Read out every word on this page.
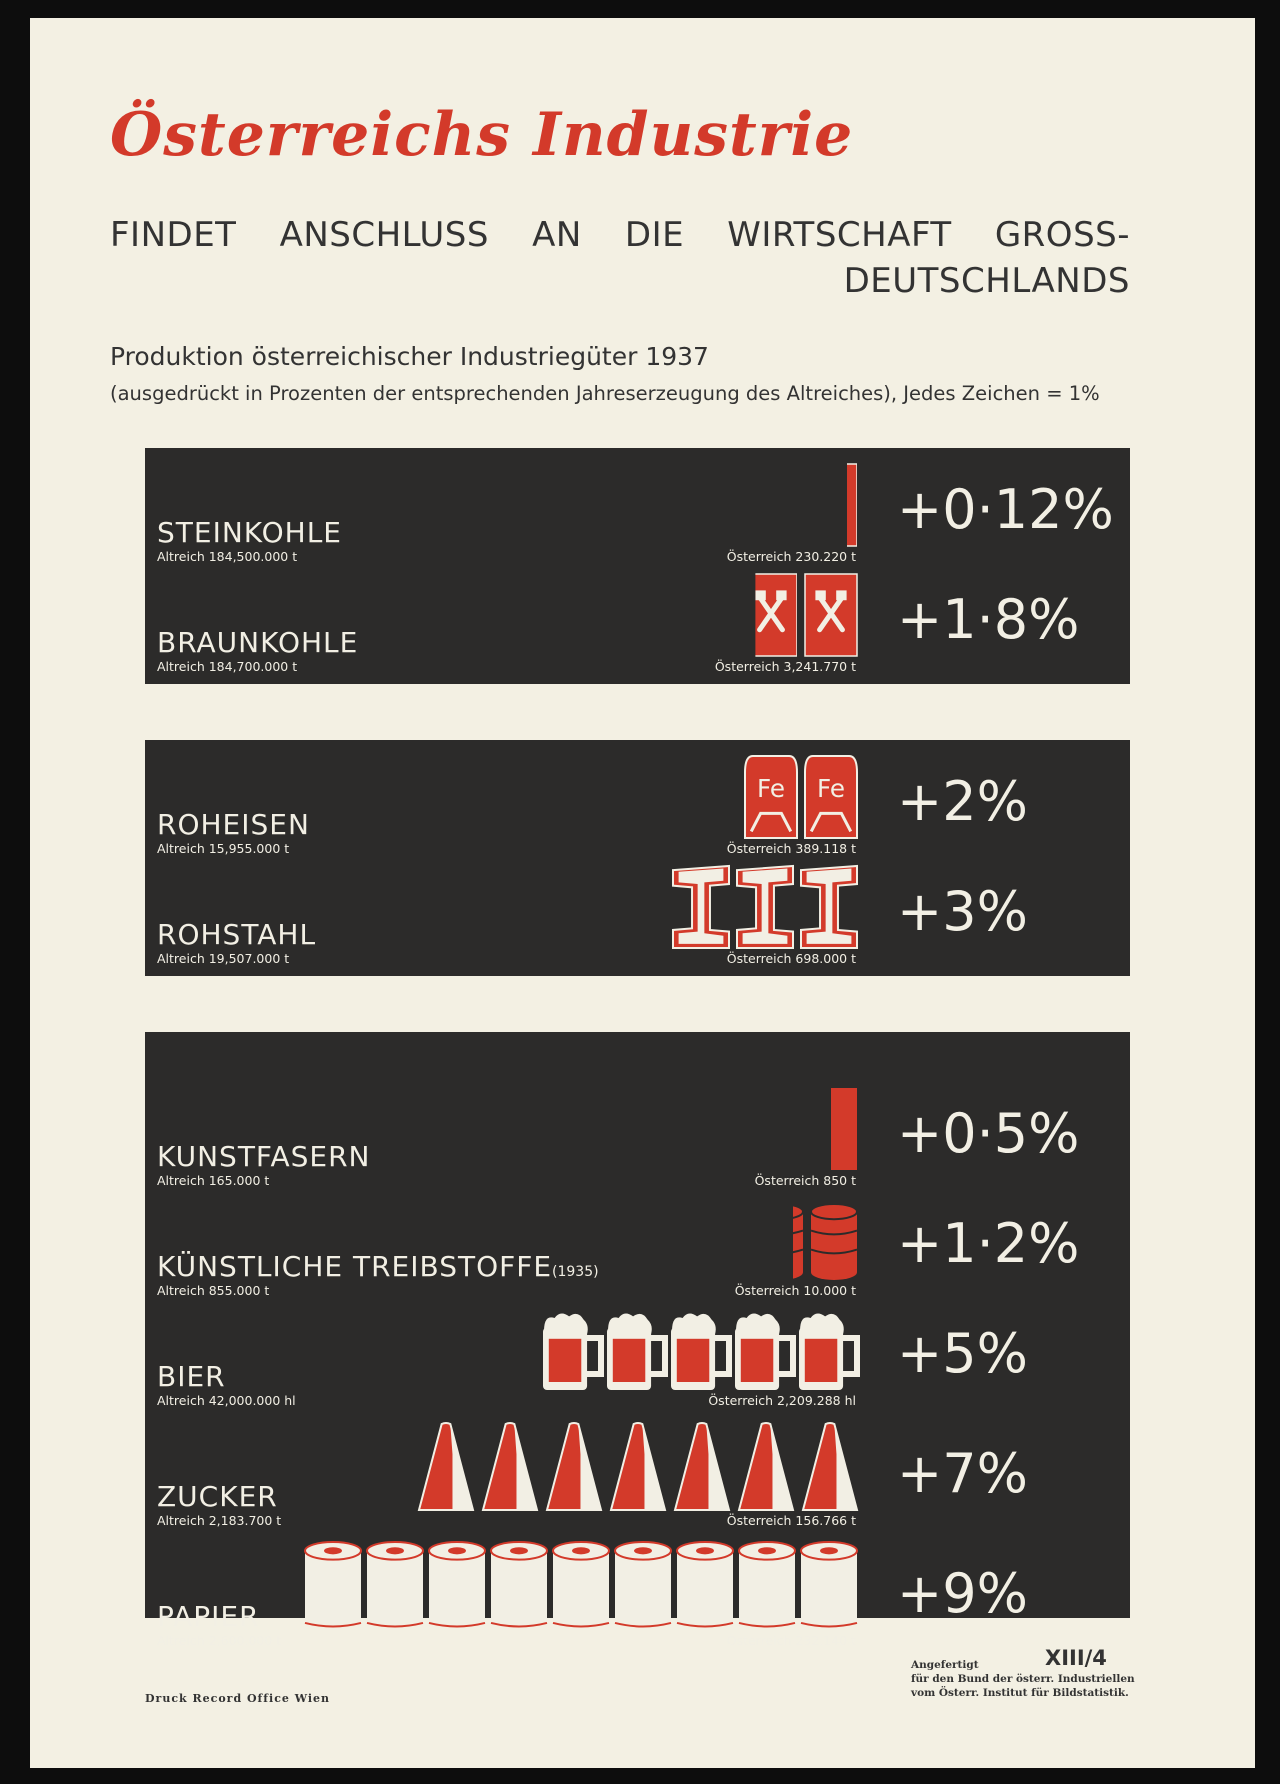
Österreichs Industrie

FINDET ANSCHLUSS AN DIE WIRTSCHAFT GROSS-DEUTSCHLANDS

Produktion österreichischer Industriegüter 1937

(ausgedrückt in Prozenten der entsprechenden Jahreserzeugung des Altreiches), Jedes Zeichen = 1%

STEINKOHLE
Altreich 184,500.000 t	Österreich 230.220 t
+0·12%
BRAUNKOHLE
Altreich 184,700.000 t	Österreich 3,241.770 t
+1·8%
Fe
Fe
ROHEISEN
Altreich 15,955.000 t	Österreich 389.118 t
+2%
ROHSTAHL
Altreich 19,507.000 t	Österreich 698.000 t
+3%
KUNSTFASERN
Altreich 165.000 t	Österreich 850 t
+0·5%
KÜNSTLICHE TREIBSTOFFE(1935)
Altreich 855.000 t	Österreich 10.000 t
+1·2%
BIER
Altreich 42,000.000 hl	Österreich 2,209.288 hl
+5%
ZUCKER
Altreich 2,183.700 t	Österreich 156.766 t
+7%
PAPIER
Altreich 2,600.000 t	Österreich 232.140 t
+9%
Druck Record Office Wien
XIII/4
Angefertigt
für den Bund der österr. Industriellen
vom Österr. Institut für Bildstatistik.
